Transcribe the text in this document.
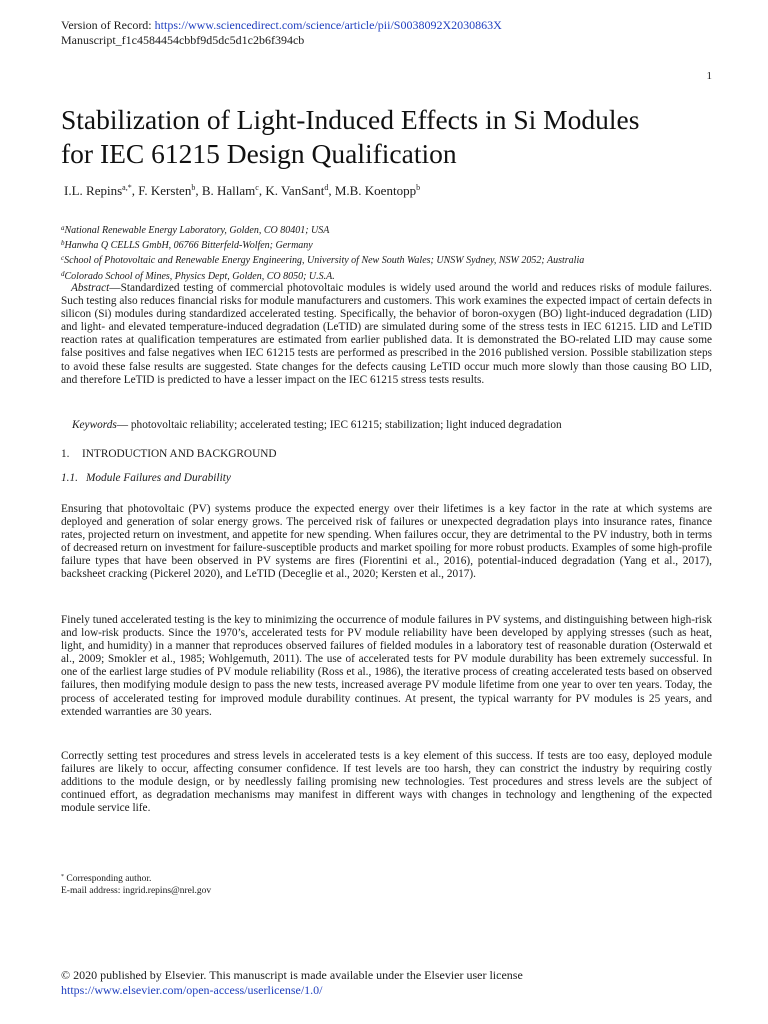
Version of Record: https://www.sciencedirect.com/science/article/pii/S0038092X2030863X
Manuscript_f1c4584454cbbf9d5dc5d1c2b6f394cb
1
Stabilization of Light-Induced Effects in Si Modules
for IEC 61215 Design Qualification
I.L. Repins$^{a,*}$, F. Kersten$^b$, B. Hallam$^c$, K. VanSant$^d$, M.B. Koentopp$^b$
$^a$National Renewable Energy Laboratory, Golden, CO 80401; USA
$^b$Hanwha Q CELLS GmbH, 06766 Bitterfeld-Wolfen; Germany
$^c$School of Photovoltaic and Renewable Energy Engineering, University of New South Wales; UNSW Sydney, NSW 2052; Australia
$^d$Colorado School of Mines, Physics Dept, Golden, CO 8050; U.S.A.

Abstract—Standardized testing of commercial photovoltaic modules is widely used around the world and reduces risks of module failures. Such testing also reduces financial risks for module manufacturers and customers. This work examines the expected impact of certain defects in silicon (Si) modules during standardized accelerated testing. Specifically, the behavior of boron-oxygen (BO) light-induced degradation (LID) and light- and elevated temperature-induced degradation (LeTID) are simulated during some of the stress tests in IEC 61215. LID and LeTID reaction rates at qualification temperatures are estimated from earlier published data. It is demonstrated the BO-related LID may cause some false positives and false negatives when IEC 61215 tests are performed as prescribed in the 2016 published version. Possible stabilization steps to avoid these false results are suggested. State changes for the defects causing LeTID occur much more slowly than those causing BO LID, and therefore LeTID is predicted to have a lesser impact on the IEC 61215 stress tests results.

Keywords— photovoltaic reliability; accelerated testing; IEC 61215; stabilization; light induced degradation
1. INTRODUCTION AND BACKGROUND
1.1. Module Failures and Durability

Ensuring that photovoltaic (PV) systems produce the expected energy over their lifetimes is a key factor in the rate at which systems are deployed and generation of solar energy grows. The perceived risk of failures or unexpected degradation plays into insurance rates, finance rates, projected return on investment, and appetite for new spending. When failures occur, they are detrimental to the PV industry, both in terms of decreased return on investment for failure-susceptible products and market spoiling for more robust products. Examples of some high-profile failure types that have been observed in PV systems are fires (Fiorentini et al., 2016), potential-induced degradation (Yang et al., 2017), backsheet cracking (Pickerel 2020), and LeTID (Deceglie et al., 2020; Kersten et al., 2017).

Finely tuned accelerated testing is the key to minimizing the occurrence of module failures in PV systems, and distinguishing between high-risk and low-risk products. Since the 1970’s, accelerated tests for PV module reliability have been developed by applying stresses (such as heat, light, and humidity) in a manner that reproduces observed failures of fielded modules in a laboratory test of reasonable duration (Osterwald et al., 2009; Smokler et al., 1985; Wohlgemuth, 2011). The use of accelerated tests for PV module durability has been extremely successful. In one of the earliest large studies of PV module reliability (Ross et al., 1986), the iterative process of creating accelerated tests based on observed failures, then modifying module design to pass the new tests, increased average PV module lifetime from one year to over ten years. Today, the process of accelerated testing for improved module durability continues. At present, the typical warranty for PV modules is 25 years, and extended warranties are 30 years.

Correctly setting test procedures and stress levels in accelerated tests is a key element of this success. If tests are too easy, deployed module failures are likely to occur, affecting consumer confidence. If test levels are too harsh, they can constrict the industry by requiring costly additions to the module design, or by needlessly failing promising new technologies. Test procedures and stress levels are the subject of continued effort, as degradation mechanisms may manifest in different ways with changes in technology and lengthening of the expected module service life.

* Corresponding author.
E-mail address: ingrid.repins@nrel.gov
© 2020 published by Elsevier. This manuscript is made available under the Elsevier user license
https://www.elsevier.com/open-access/userlicense/1.0/
